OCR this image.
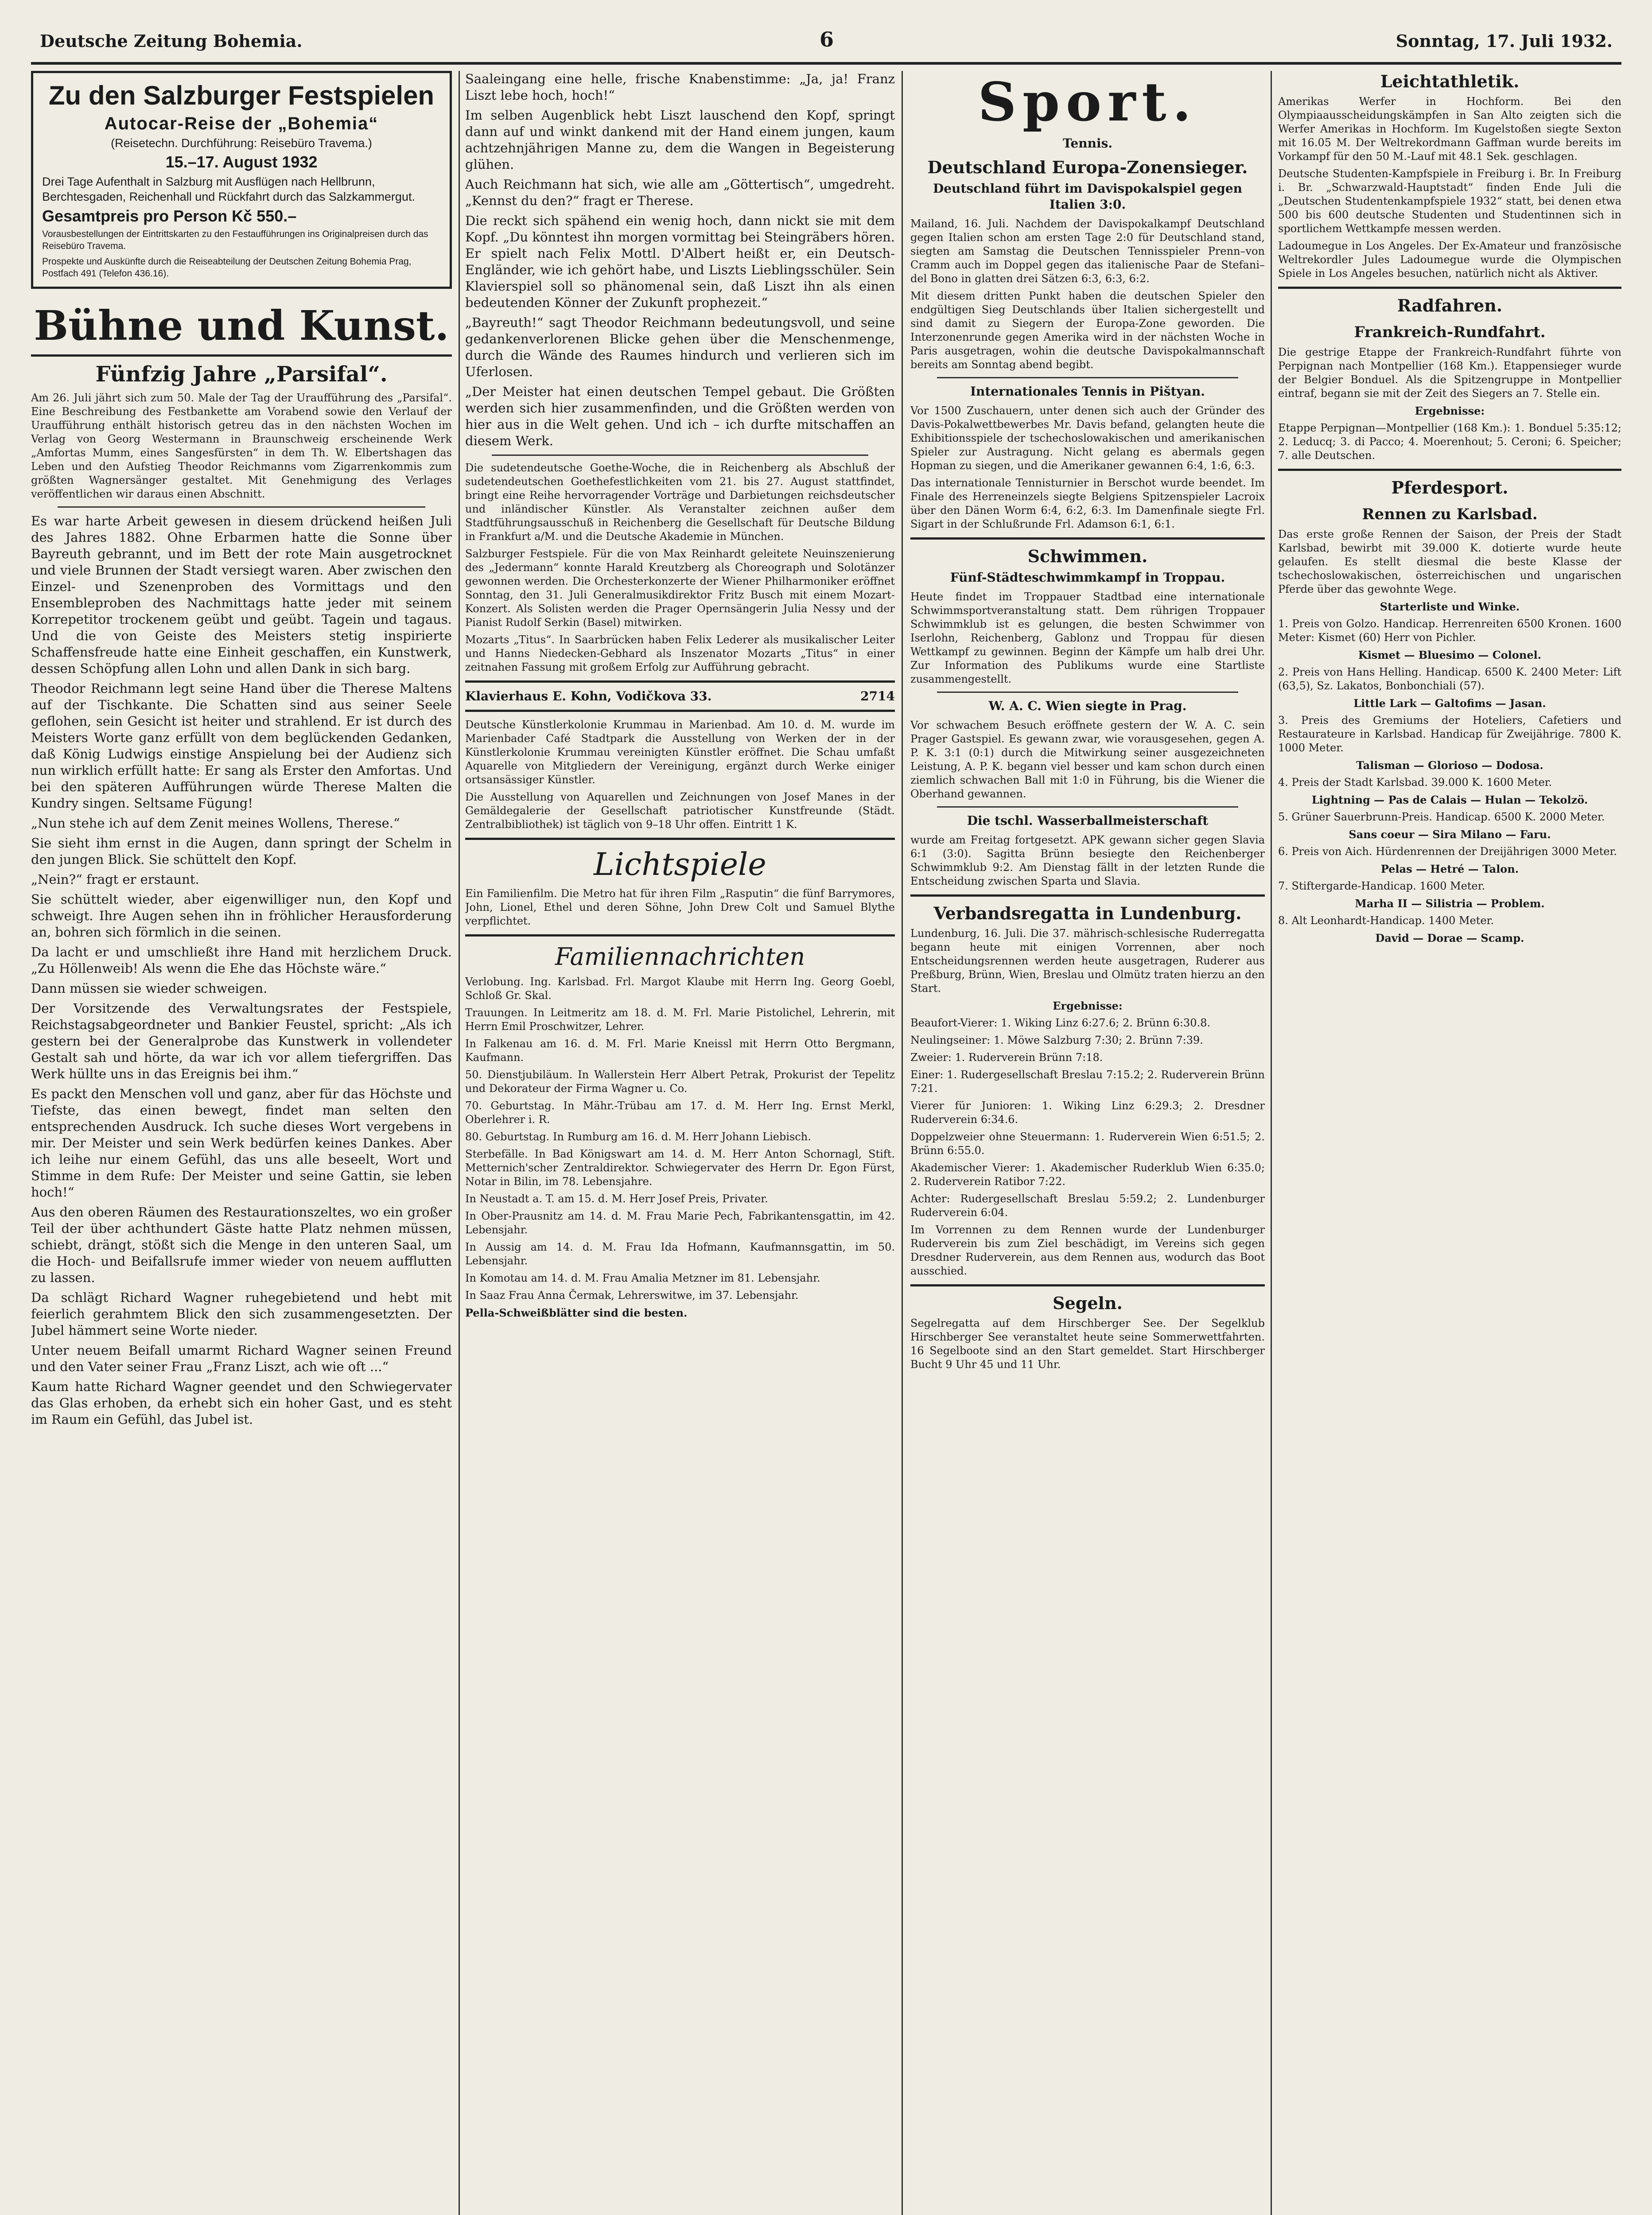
Deutsche Zeitung Bohemia.	6	Sonntag, 17. Juli 1932.
Zu den Salzburger Festspielen
Autocar-Reise der „Bohemia“
(Reisetechn. Durchführung: Reisebüro Travema.)
15.–17. August 1932
Drei Tage Aufenthalt in Salzburg mit Ausflügen nach Hellbrunn, Berchtesgaden, Reichenhall und Rückfahrt durch das Salzkammergut.
Gesamtpreis pro Person Kč 550.–
Vorausbestellungen der Eintrittskarten zu den Festaufführungen ins Originalpreisen durch das Reisebüro Travema.
Prospekte und Auskünfte durch die Reiseabteilung der Deutschen Zeitung Bohemia Prag, Postfach 491 (Telefon 436.16).
Bühne und Kunst.
Fünfzig Jahre „Parsifal“.

Am 26. Juli jährt sich zum 50. Male der Tag der Uraufführung des „Parsifal“. Eine Beschreibung des Festbankette am Vorabend sowie den Verlauf der Uraufführung enthält historisch getreu das in den nächsten Wochen im Verlag von Georg Westermann in Braunschweig erscheinende Werk „Amfortas Mumm, eines Sangesfürsten“ in dem Th. W. Elbertshagen das Leben und den Aufstieg Theodor Reichmanns vom Zigarrenkommis zum größten Wagnersänger gestaltet. Mit Genehmigung des Verlages veröffentlichen wir daraus einen Abschnitt.

Es war harte Arbeit gewesen in diesem drückend heißen Juli des Jahres 1882. Ohne Erbarmen hatte die Sonne über Bayreuth gebrannt, und im Bett der rote Main ausgetrocknet und viele Brunnen der Stadt versiegt waren. Aber zwischen den Einzel- und Szenenproben des Vormittags und den Ensembleproben des Nachmittags hatte jeder mit seinem Korrepetitor trockenem geübt und geübt. Tagein und tagaus. Und die von Geiste des Meisters stetig inspirierte Schaffensfreude hatte eine Einheit geschaffen, ein Kunstwerk, dessen Schöpfung allen Lohn und allen Dank in sich barg.

Theodor Reichmann legt seine Hand über die Therese Maltens auf der Tischkante. Die Schatten sind aus seiner Seele geflohen, sein Gesicht ist heiter und strahlend. Er ist durch des Meisters Worte ganz erfüllt von dem beglückenden Gedanken, daß König Ludwigs einstige Anspielung bei der Audienz sich nun wirklich erfüllt hatte: Er sang als Erster den Amfortas. Und bei den späteren Aufführungen würde Therese Malten die Kundry singen. Seltsame Fügung!

„Nun stehe ich auf dem Zenit meines Wollens, Therese.“

Sie sieht ihm ernst in die Augen, dann springt der Schelm in den jungen Blick. Sie schüttelt den Kopf.

„Nein?“ fragt er erstaunt.

Sie schüttelt wieder, aber eigenwilliger nun, den Kopf und schweigt. Ihre Augen sehen ihn in fröhlicher Herausforderung an, bohren sich förmlich in die seinen.

Da lacht er und umschließt ihre Hand mit herzlichem Druck. „Zu Höllenweib! Als wenn die Ehe das Höchste wäre.“

Dann müssen sie wieder schweigen.

Der Vorsitzende des Verwaltungsrates der Festspiele, Reichstagsabgeordneter und Bankier Feustel, spricht: „Als ich gestern bei der Generalprobe das Kunstwerk in vollendeter Gestalt sah und hörte, da war ich vor allem tiefergriffen. Das Werk hüllte uns in das Ereignis bei ihm.“

Es packt den Menschen voll und ganz, aber für das Höchste und Tiefste, das einen bewegt, findet man selten den entsprechenden Ausdruck. Ich suche dieses Wort vergebens in mir. Der Meister und sein Werk bedürfen keines Dankes. Aber ich leihe nur einem Gefühl, das uns alle beseelt, Wort und Stimme in dem Rufe: Der Meister und seine Gattin, sie leben hoch!“

Aus den oberen Räumen des Restaurationszeltes, wo ein großer Teil der über achthundert Gäste hatte Platz nehmen müssen, schiebt, drängt, stößt sich die Menge in den unteren Saal, um die Hoch- und Beifallsrufe immer wieder von neuem aufflutten zu lassen.

Da schlägt Richard Wagner ruhegebietend und hebt mit feierlich gerahmtem Blick den sich zusammengesetzten. Der Jubel hämmert seine Worte nieder.

Unter neuem Beifall umarmt Richard Wagner seinen Freund und den Vater seiner Frau „Franz Liszt, ach wie oft ...“

Kaum hatte Richard Wagner geendet und den Schwiegervater das Glas erhoben, da erhebt sich ein hoher Gast, und es steht im Raum ein Gefühl, das Jubel ist.

Saaleingang eine helle, frische Knabenstimme: „Ja, ja! Franz Liszt lebe hoch, hoch!“

Im selben Augenblick hebt Liszt lauschend den Kopf, springt dann auf und winkt dankend mit der Hand einem jungen, kaum achtzehnjährigen Manne zu, dem die Wangen in Begeisterung glühen.

Auch Reichmann hat sich, wie alle am „Göttertisch“, umgedreht. „Kennst du den?“ fragt er Therese.

Die reckt sich spähend ein wenig hoch, dann nickt sie mit dem Kopf. „Du könntest ihn morgen vormittag bei Steingräbers hören. Er spielt nach Felix Mottl. D'Albert heißt er, ein Deutsch-Engländer, wie ich gehört habe, und Liszts Lieblingsschüler. Sein Klavierspiel soll so phänomenal sein, daß Liszt ihn als einen bedeutenden Könner der Zukunft prophezeit.“

„Bayreuth!“ sagt Theodor Reichmann bedeutungsvoll, und seine gedankenverlorenen Blicke gehen über die Menschenmenge, durch die Wände des Raumes hindurch und verlieren sich im Uferlosen.

„Der Meister hat einen deutschen Tempel gebaut. Die Größten werden sich hier zusammenfinden, und die Größten werden von hier aus in die Welt gehen. Und ich – ich durfte mitschaffen an diesem Werk.

Die sudetendeutsche Goethe-Woche, die in Reichenberg als Abschluß der sudetendeutschen Goethefestlichkeiten vom 21. bis 27. August stattfindet, bringt eine Reihe hervorragender Vorträge und Darbietungen reichsdeutscher und inländischer Künstler. Als Veranstalter zeichnen außer dem Stadtführungsausschuß in Reichenberg die Gesellschaft für Deutsche Bildung in Frankfurt a/M. und die Deutsche Akademie in München.

Salzburger Festspiele. Für die von Max Reinhardt geleitete Neuinszenierung des „Jedermann“ konnte Harald Kreutzberg als Choreograph und Solotänzer gewonnen werden. Die Orchesterkonzerte der Wiener Philharmoniker eröffnet Sonntag, den 31. Juli Generalmusikdirektor Fritz Busch mit einem Mozart-Konzert. Als Solisten werden die Prager Opernsängerin Julia Nessy und der Pianist Rudolf Serkin (Basel) mitwirken.

Mozarts „Titus“. In Saarbrücken haben Felix Lederer als musikalischer Leiter und Hanns Niedecken-Gebhard als Inszenator Mozarts „Titus“ in einer zeitnahen Fassung mit großem Erfolg zur Aufführung gebracht.

Klavierhaus E. Kohn, Vodičkova 33.	2714

Deutsche Künstlerkolonie Krummau in Marienbad. Am 10. d. M. wurde im Marienbader Café Stadtpark die Ausstellung von Werken der in der Künstlerkolonie Krummau vereinigten Künstler eröffnet. Die Schau umfaßt Aquarelle von Mitgliedern der Vereinigung, ergänzt durch Werke einiger ortsansässiger Künstler.

Die Ausstellung von Aquarellen und Zeichnungen von Josef Manes in der Gemäldegalerie der Gesellschaft patriotischer Kunstfreunde (Städt. Zentralbibliothek) ist täglich von 9–18 Uhr offen. Eintritt 1 K.

Lichtspiele

Ein Familienfilm. Die Metro hat für ihren Film „Rasputin“ die fünf Barrymores, John, Lionel, Ethel und deren Söhne, John Drew Colt und Samuel Blythe verpflichtet.

Familiennachrichten

Verlobung. Ing. Karlsbad. Frl. Margot Klaube mit Herrn Ing. Georg Goebl, Schloß Gr. Skal.

Trauungen. In Leitmeritz am 18. d. M. Frl. Marie Pistolichel, Lehrerin, mit Herrn Emil Proschwitzer, Lehrer.

In Falkenau am 16. d. M. Frl. Marie Kneissl mit Herrn Otto Bergmann, Kaufmann.

50. Dienstjubiläum. In Wallerstein Herr Albert Petrak, Prokurist der Tepelitz und Dekorateur der Firma Wagner u. Co.

70. Geburtstag. In Mähr.-Trübau am 17. d. M. Herr Ing. Ernst Merkl, Oberlehrer i. R.

80. Geburtstag. In Rumburg am 16. d. M. Herr Johann Liebisch.

Sterbefälle. In Bad Königswart am 14. d. M. Herr Anton Schornagl, Stift. Metternich'scher Zentraldirektor. Schwiegervater des Herrn Dr. Egon Fürst, Notar in Bilin, im 78. Lebensjahre.

In Neustadt a. T. am 15. d. M. Herr Josef Preis, Privater.

In Ober-Prausnitz am 14. d. M. Frau Marie Pech, Fabrikantensgattin, im 42. Lebensjahr.

In Aussig am 14. d. M. Frau Ida Hofmann, Kaufmannsgattin, im 50. Lebensjahr.

In Komotau am 14. d. M. Frau Amalia Metzner im 81. Lebensjahr.

In Saaz Frau Anna Čermak, Lehrerswitwe, im 37. Lebensjahr.

Pella-Schweißblätter sind die besten.

Sport.
Tennis.
Deutschland Europa-Zonensieger.
Deutschland führt im Davispokalspiel gegen Italien 3:0.

Mailand, 16. Juli. Nachdem der Davispokalkampf Deutschland gegen Italien schon am ersten Tage 2:0 für Deutschland stand, siegten am Samstag die Deutschen Tennisspieler Prenn–von Cramm auch im Doppel gegen das italienische Paar de Stefani–del Bono in glatten drei Sätzen 6:3, 6:3, 6:2.

Mit diesem dritten Punkt haben die deutschen Spieler den endgültigen Sieg Deutschlands über Italien sichergestellt und sind damit zu Siegern der Europa-Zone geworden. Die Interzonenrunde gegen Amerika wird in der nächsten Woche in Paris ausgetragen, wohin die deutsche Davispokalmannschaft bereits am Sonntag abend begibt.

Internationales Tennis in Pištyan.

Vor 1500 Zuschauern, unter denen sich auch der Gründer des Davis-Pokalwettbewerbes Mr. Davis befand, gelangten heute die Exhibitionsspiele der tschechoslowakischen und amerikanischen Spieler zur Austragung. Nicht gelang es abermals gegen Hopman zu siegen, und die Amerikaner gewannen 6:4, 1:6, 6:3.

Das internationale Tennisturnier in Berschot wurde beendet. Im Finale des Herreneinzels siegte Belgiens Spitzenspieler Lacroix über den Dänen Worm 6:4, 6:2, 6:3. Im Damenfinale siegte Frl. Sigart in der Schlußrunde Frl. Adamson 6:1, 6:1.

Schwimmen.
Fünf-Städteschwimmkampf in Troppau.

Heute findet im Troppauer Stadtbad eine internationale Schwimmsportveranstaltung statt. Dem rührigen Troppauer Schwimmklub ist es gelungen, die besten Schwimmer von Iserlohn, Reichenberg, Gablonz und Troppau für diesen Wettkampf zu gewinnen. Beginn der Kämpfe um halb drei Uhr. Zur Information des Publikums wurde eine Startliste zusammengestellt.

W. A. C. Wien siegte in Prag.

Vor schwachem Besuch eröffnete gestern der W. A. C. sein Prager Gastspiel. Es gewann zwar, wie vorausgesehen, gegen A. P. K. 3:1 (0:1) durch die Mitwirkung seiner ausgezeichneten Leistung, A. P. K. begann viel besser und kam schon durch einen ziemlich schwachen Ball mit 1:0 in Führung, bis die Wiener die Oberhand gewannen.

Die tschl. Wasserballmeisterschaft

wurde am Freitag fortgesetzt. APK gewann sicher gegen Slavia 6:1 (3:0). Sagitta Brünn besiegte den Reichenberger Schwimmklub 9:2. Am Dienstag fällt in der letzten Runde die Entscheidung zwischen Sparta und Slavia.

Verbandsregatta in Lundenburg.

Lundenburg, 16. Juli. Die 37. mährisch-schlesische Ruderregatta begann heute mit einigen Vorrennen, aber noch Entscheidungsrennen werden heute ausgetragen, Ruderer aus Preßburg, Brünn, Wien, Breslau und Olmütz traten hierzu an den Start.

Ergebnisse:

Beaufort-Vierer: 1. Wiking Linz 6:27.6; 2. Brünn 6:30.8.

Neulingseiner: 1. Möwe Salzburg 7:30; 2. Brünn 7:39.

Zweier: 1. Ruderverein Brünn 7:18.

Einer: 1. Rudergesellschaft Breslau 7:15.2; 2. Ruderverein Brünn 7:21.

Vierer für Junioren: 1. Wiking Linz 6:29.3; 2. Dresdner Ruderverein 6:34.6.

Doppelzweier ohne Steuermann: 1. Ruderverein Wien 6:51.5; 2. Brünn 6:55.0.

Akademischer Vierer: 1. Akademischer Ruderklub Wien 6:35.0; 2. Ruderverein Ratibor 7:22.

Achter: Rudergesellschaft Breslau 5:59.2; 2. Lundenburger Ruderverein 6:04.

Im Vorrennen zu dem Rennen wurde der Lundenburger Ruderverein bis zum Ziel beschädigt, im Vereins sich gegen Dresdner Ruderverein, aus dem Rennen aus, wodurch das Boot ausschied.

Segeln.

Segelregatta auf dem Hirschberger See. Der Segelklub Hirschberger See veranstaltet heute seine Sommerwettfahrten. 16 Segelboote sind an den Start gemeldet. Start Hirschberger Bucht 9 Uhr 45 und 11 Uhr.

Leichtathletik.

Amerikas Werfer in Hochform. Bei den Olympiaausscheidungskämpfen in San Alto zeigten sich die Werfer Amerikas in Hochform. Im Kugelstoßen siegte Sexton mit 16.05 M. Der Weltrekordmann Gaffman wurde bereits im Vorkampf für den 50 M.-Lauf mit 48.1 Sek. geschlagen.

Deutsche Studenten-Kampfspiele in Freiburg i. Br. In Freiburg i. Br. „Schwarzwald-Hauptstadt“ finden Ende Juli die „Deutschen Studentenkampfspiele 1932“ statt, bei denen etwa 500 bis 600 deutsche Studenten und Studentinnen sich in sportlichem Wettkampfe messen werden.

Ladoumegue in Los Angeles. Der Ex-Amateur und französische Weltrekordler Jules Ladoumegue wurde die Olympischen Spiele in Los Angeles besuchen, natürlich nicht als Aktiver.

Radfahren.
Frankreich-Rundfahrt.

Die gestrige Etappe der Frankreich-Rundfahrt führte von Perpignan nach Montpellier (168 Km.). Etappensieger wurde der Belgier Bonduel. Als die Spitzengruppe in Montpellier eintraf, begann sie mit der Zeit des Siegers an 7. Stelle ein.

Ergebnisse:

Etappe Perpignan—Montpellier (168 Km.): 1. Bonduel 5:35:12; 2. Leducq; 3. di Pacco; 4. Moerenhout; 5. Ceroni; 6. Speicher; 7. alle Deutschen.

Pferdesport.
Rennen zu Karlsbad.

Das erste große Rennen der Saison, der Preis der Stadt Karlsbad, bewirbt mit 39.000 K. dotierte wurde heute gelaufen. Es stellt diesmal die beste Klasse der tschechoslowakischen, österreichischen und ungarischen Pferde über das gewohnte Wege.

Starterliste und Winke.

1. Preis von Golzo. Handicap. Herrenreiten 6500 Kronen. 1600 Meter: Kismet (60) Herr von Pichler.

Kismet — Bluesimo — Colonel.

2. Preis von Hans Helling. Handicap. 6500 K. 2400 Meter: Lift (63,5), Sz. Lakatos, Bonbonchiali (57).

Little Lark — Galtofims — Jasan.

3. Preis des Gremiums der Hoteliers, Cafetiers und Restaurateure in Karlsbad. Handicap für Zweijährige. 7800 K. 1000 Meter.

Talisman — Glorioso — Dodosa.

4. Preis der Stadt Karlsbad. 39.000 K. 1600 Meter.

Lightning — Pas de Calais — Hulan — Tekolzö.

5. Grüner Sauerbrunn-Preis. Handicap. 6500 K. 2000 Meter.

Sans coeur — Sira Milano — Faru.

6. Preis von Aich. Hürdenrennen der Dreijährigen 3000 Meter.

Pelas — Hetré — Talon.

7. Stiftergarde-Handicap. 1600 Meter.

Marha II — Silistria — Problem.

8. Alt Leonhardt-Handicap. 1400 Meter.

David — Dorae — Scamp.
